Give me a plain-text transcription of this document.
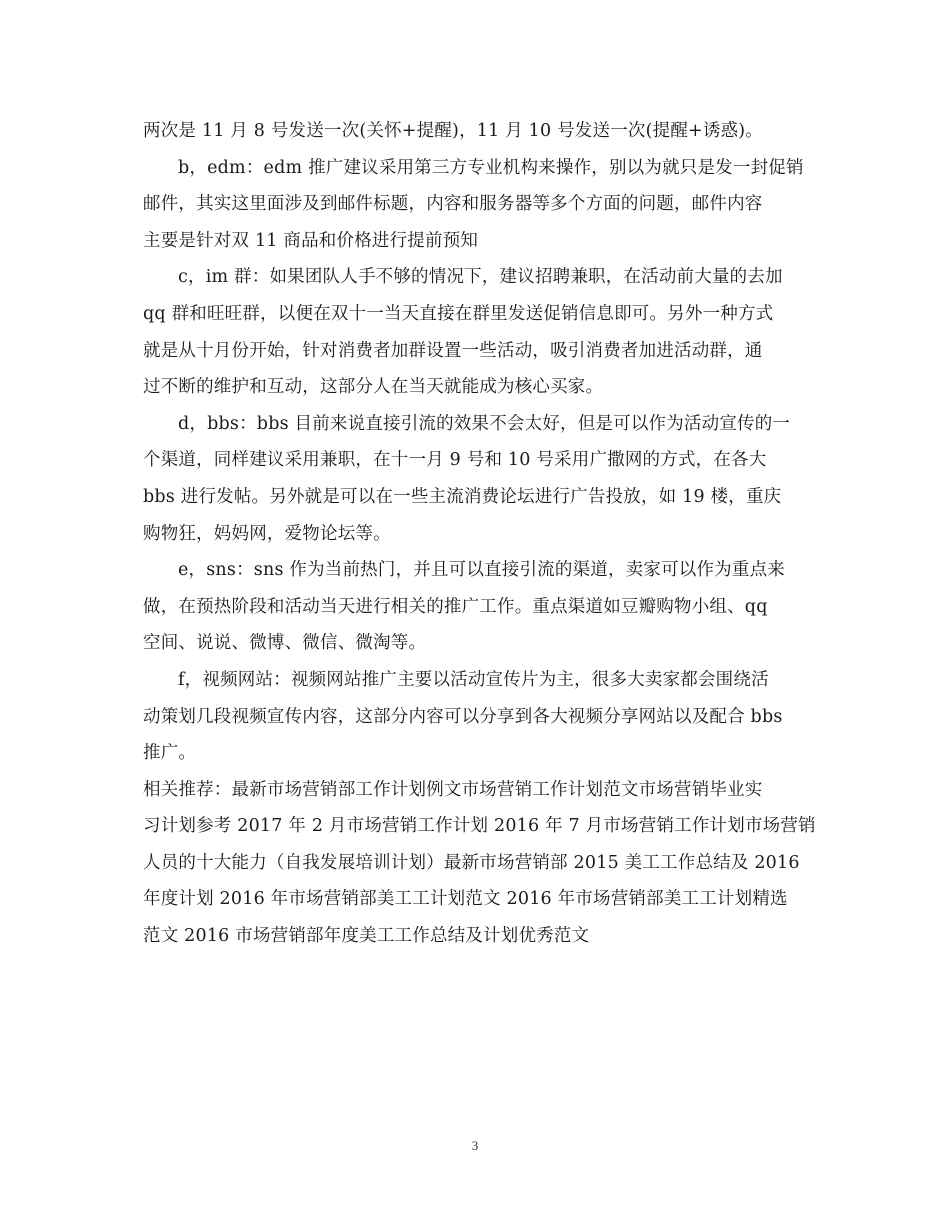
两次是 11 月 8 号发送一次(关怀+提醒)，11 月 10 号发送一次(提醒+诱惑)。
b，edm：edm 推广建议采用第三方专业机构来操作，别以为就只是发一封促销
邮件，其实这里面涉及到邮件标题，内容和服务器等多个方面的问题，邮件内容
主要是针对双 11 商品和价格进行提前预知
c，im 群：如果团队人手不够的情况下，建议招聘兼职，在活动前大量的去加
qq 群和旺旺群，以便在双十一当天直接在群里发送促销信息即可。另外一种方式
就是从十月份开始，针对消费者加群设置一些活动，吸引消费者加进活动群，通
过不断的维护和互动，这部分人在当天就能成为核心买家。
d，bbs：bbs 目前来说直接引流的效果不会太好，但是可以作为活动宣传的一
个渠道，同样建议采用兼职，在十一月 9 号和 10 号采用广撒网的方式，在各大
bbs 进行发帖。另外就是可以在一些主流消费论坛进行广告投放，如 19 楼，重庆
购物狂，妈妈网，爱物论坛等。
e，sns：sns 作为当前热门，并且可以直接引流的渠道，卖家可以作为重点来
做，在预热阶段和活动当天进行相关的推广工作。重点渠道如豆瓣购物小组、qq
空间、说说、微博、微信、微淘等。
f，视频网站：视频网站推广主要以活动宣传片为主，很多大卖家都会围绕活
动策划几段视频宣传内容，这部分内容可以分享到各大视频分享网站以及配合 bbs
推广。
相关推荐：最新市场营销部工作计划例文市场营销工作计划范文市场营销毕业实
习计划参考 2017 年 2 月市场营销工作计划 2016 年 7 月市场营销工作计划市场营销
人员的十大能力（自我发展培训计划）最新市场营销部 2015 美工工作总结及 2016
年度计划 2016 年市场营销部美工工计划范文 2016 年市场营销部美工工计划精选
范文 2016 市场营销部年度美工工作总结及计划优秀范文
3
